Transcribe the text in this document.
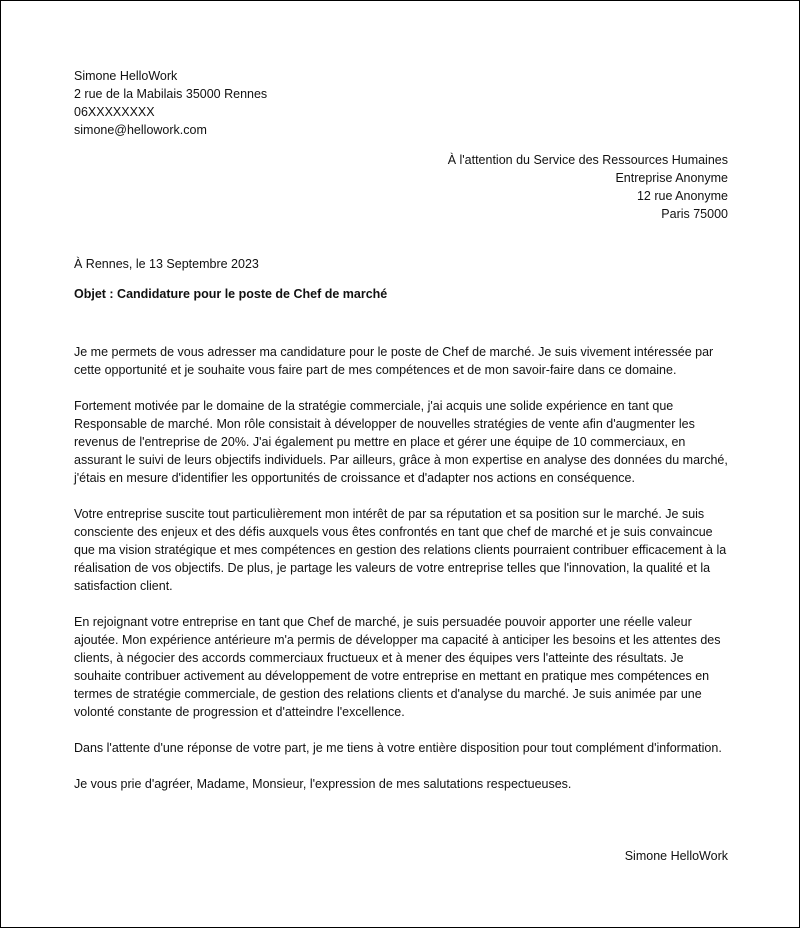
Simone HelloWork
2 rue de la Mabilais 35000 Rennes
06XXXXXXXX
simone@hellowork.com
À l'attention du Service des Ressources Humaines
Entreprise Anonyme
12 rue Anonyme
Paris 75000
À Rennes, le 13 Septembre 2023
Objet : Candidature pour le poste de Chef de marché

Je me permets de vous adresser ma candidature pour le poste de Chef de marché. Je suis vivement intéressée par cette opportunité et je souhaite vous faire part de mes compétences et de mon savoir-faire dans ce domaine.

Fortement motivée par le domaine de la stratégie commerciale, j'ai acquis une solide expérience en tant que Responsable de marché. Mon rôle consistait à développer de nouvelles stratégies de vente afin d'augmenter les revenus de l'entreprise de 20%. J'ai également pu mettre en place et gérer une équipe de 10 commerciaux, en assurant le suivi de leurs objectifs individuels. Par ailleurs, grâce à mon expertise en analyse des données du marché, j'étais en mesure d'identifier les opportunités de croissance et d'adapter nos actions en conséquence.

Votre entreprise suscite tout particulièrement mon intérêt de par sa réputation et sa position sur le marché. Je suis consciente des enjeux et des défis auxquels vous êtes confrontés en tant que chef de marché et je suis convaincue que ma vision stratégique et mes compétences en gestion des relations clients pourraient contribuer efficacement à la réalisation de vos objectifs. De plus, je partage les valeurs de votre entreprise telles que l'innovation, la qualité et la satisfaction client.

En rejoignant votre entreprise en tant que Chef de marché, je suis persuadée pouvoir apporter une réelle valeur ajoutée. Mon expérience antérieure m'a permis de développer ma capacité à anticiper les besoins et les attentes des clients, à négocier des accords commerciaux fructueux et à mener des équipes vers l'atteinte des résultats. Je souhaite contribuer activement au développement de votre entreprise en mettant en pratique mes compétences en termes de stratégie commerciale, de gestion des relations clients et d'analyse du marché. Je suis animée par une volonté constante de progression et d'atteindre l'excellence.

Dans l'attente d'une réponse de votre part, je me tiens à votre entière disposition pour tout complément d'information.

Je vous prie d'agréer, Madame, Monsieur, l'expression de mes salutations respectueuses.

Simone HelloWork
